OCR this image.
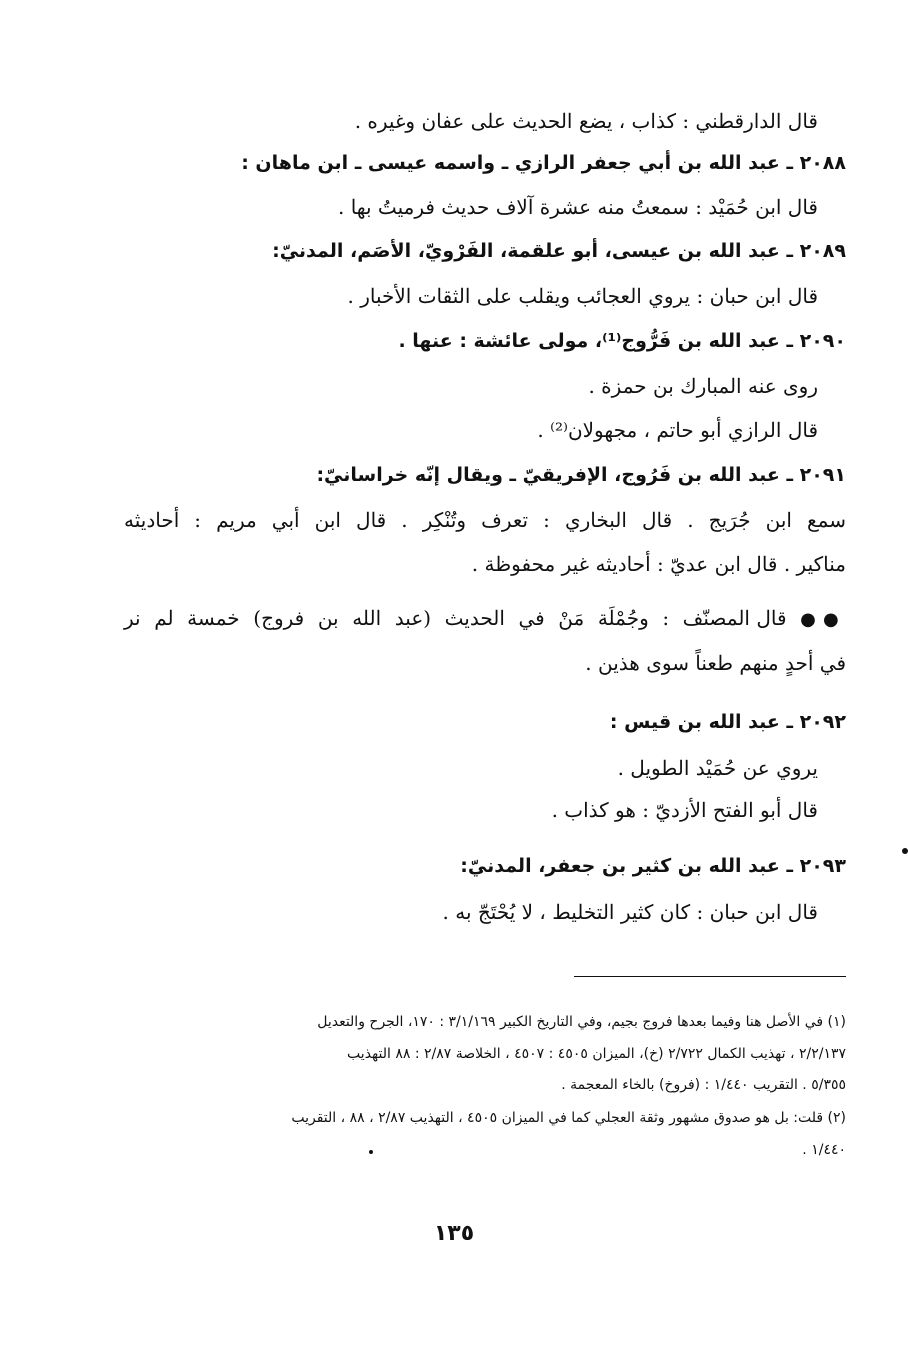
قال الدارقطني : كذاب ، يضع الحديث على عفان وغيره .
٢٠٨٨ ـ عبد الله بن أبي جعفر الرازي ـ واسمه عيسى ـ ابن ماهان :
قال ابن حُمَيْد : سمعتُ منه عشرة آلاف حديث فرميتُ بها .
٢٠٨٩ ـ عبد الله بن عيسى، أبو علقمة، الفَرْويّ، الأصَم، المدنيّ:
قال ابن حبان : يروي العجائب ويقلب على الثقات الأخبار .
٢٠٩٠ ـ عبد الله بن فَرُّوج⁽¹⁾، مولى عائشة : عنها .
روى عنه المبارك بن حمزة .
قال الرازي أبو حاتم ، مجهولان⁽²⁾ .
٢٠٩١ ـ عبد الله بن فَرُوج، الإفريقيّ ـ ويقال إنّه خراسانيّ:
سمع ابن جُرَيج . قال البخاري : تعرف وتُنْكِر . قال ابن أبي مريم : أحاديثه
مناكير . قال ابن عديّ : أحاديثه غير محفوظة .
●● قال المصنّف : وجُمْلَة مَنْ في الحديث (عبد الله بن فروج) خمسة لم نر
في أحدٍ منهم طعناً سوى هذين .
٢٠٩٢ ـ عبد الله بن قيس :
يروي عن حُمَيْد الطويل .
قال أبو الفتح الأزديّ : هو كذاب .
٢٠٩٣ ـ عبد الله بن كثير بن جعفر، المدنيّ:
قال ابن حبان : كان كثير التخليط ، لا يُحْتَجّ به .
(١) في الأصل هنا وفيما بعدها فروج بجيم، وفي التاريخ الكبير ٣/١/١٦٩ : ١٧٠، الجرح والتعديل
٢/٢/١٣٧ ، تهذيب الكمال ٢/٧٢٢ (خ)، الميزان ٤٥٠٥ : ٤٥٠٧ ، الخلاصة ٢/٨٧ : ٨٨ التهذيب
٥/٣٥٥ . التقريب ١/٤٤٠ : (فروخ) بالخاء المعجمة .
(٢) قلت: بل هو صدوق مشهور وثقة العجلي كما في الميزان ٤٥٠٥ ، التهذيب ٢/٨٧ ، ٨٨ ، التقريب
١/٤٤٠ .
١٣٥
